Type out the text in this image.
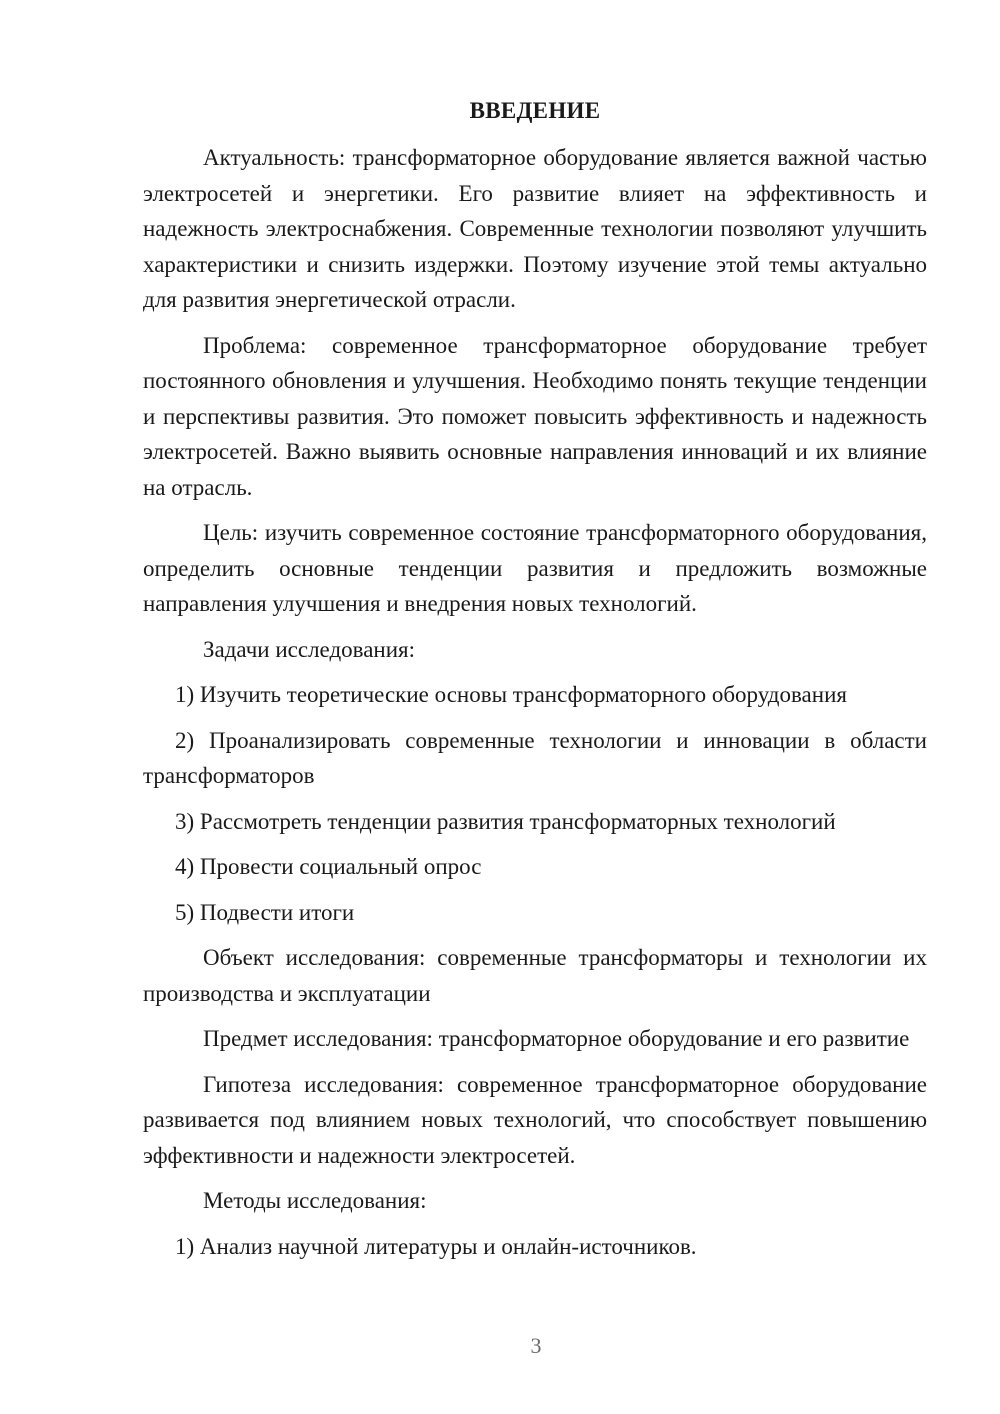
ВВЕДЕНИЕ

Актуальность: трансформаторное оборудование является важной частью электросетей и энергетики. Его развитие влияет на эффективность и надежность электроснабжения. Современные технологии позволяют улучшить характеристики и снизить издержки. Поэтому изучение этой темы актуально для развития энергетической отрасли.

Проблема: современное трансформаторное оборудование требует постоянного обновления и улучшения. Необходимо понять текущие тенденции и перспективы развития. Это поможет повысить эффективность и надежность электросетей. Важно выявить основные направления инноваций и их влияние на отрасль.

Цель: изучить современное состояние трансформаторного оборудования, определить основные тенденции развития и предложить возможные направления улучшения и внедрения новых технологий.

Задачи исследования:

1) Изучить теоретические основы трансформаторного оборудования

2) Проанализировать современные технологии и инновации в области трансформаторов

3) Рассмотреть тенденции развития трансформаторных технологий

4) Провести социальный опрос

5) Подвести итоги

Объект исследования: современные трансформаторы и технологии их производства и эксплуатации

Предмет исследования: трансформаторное оборудование и его развитие

Гипотеза исследования: современное трансформаторное оборудование развивается под влиянием новых технологий, что способствует повышению эффективности и надежности электросетей.

Методы исследования:

1) Анализ научной литературы и онлайн-источников.

3
